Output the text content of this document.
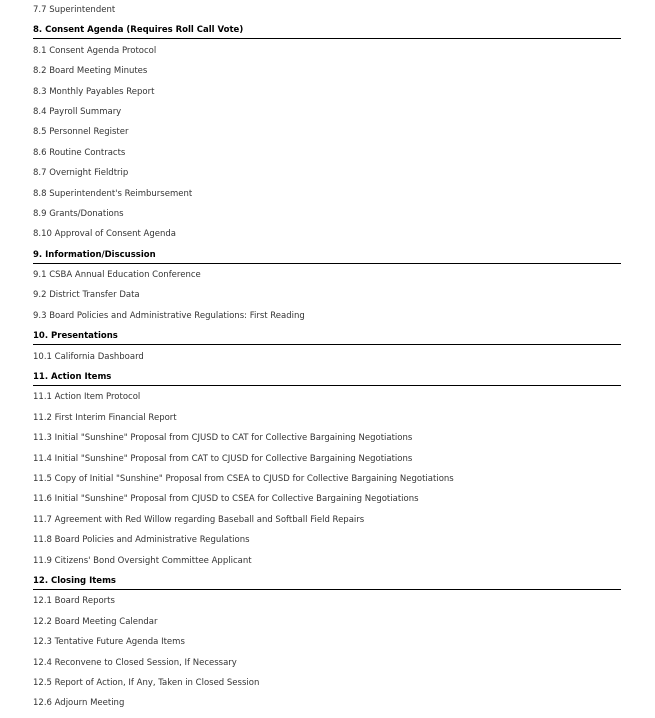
7.7 Superintendent
8. Consent Agenda (Requires Roll Call Vote)
8.1 Consent Agenda Protocol
8.2 Board Meeting Minutes
8.3 Monthly Payables Report
8.4 Payroll Summary
8.5 Personnel Register
8.6 Routine Contracts
8.7 Overnight Fieldtrip
8.8 Superintendent's Reimbursement
8.9 Grants/Donations
8.10 Approval of Consent Agenda
9. Information/Discussion
9.1 CSBA Annual Education Conference
9.2 District Transfer Data
9.3 Board Policies and Administrative Regulations: First Reading
10. Presentations
10.1 California Dashboard
11. Action Items
11.1 Action Item Protocol
11.2 First Interim Financial Report
11.3 Initial "Sunshine" Proposal from CJUSD to CAT for Collective Bargaining Negotiations
11.4 Initial "Sunshine" Proposal from CAT to CJUSD for Collective Bargaining Negotiations
11.5 Copy of Initial "Sunshine" Proposal from CSEA to CJUSD for Collective Bargaining Negotiations
11.6 Initial "Sunshine" Proposal from CJUSD to CSEA for Collective Bargaining Negotiations
11.7 Agreement with Red Willow regarding Baseball and Softball Field Repairs
11.8 Board Policies and Administrative Regulations
11.9 Citizens' Bond Oversight Committee Applicant
12. Closing Items
12.1 Board Reports
12.2 Board Meeting Calendar
12.3 Tentative Future Agenda Items
12.4 Reconvene to Closed Session, If Necessary
12.5 Report of Action, If Any, Taken in Closed Session
12.6 Adjourn Meeting
